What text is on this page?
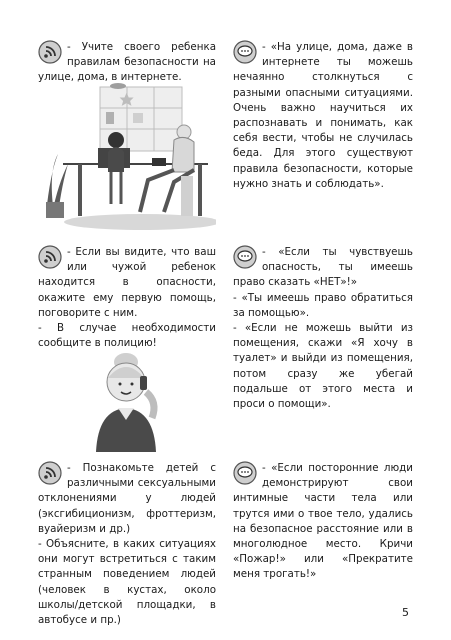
- Учите своего ребенка правилам безопасности на улице, дома, в интернете.

- «На улице, дома, даже в интернете ты можешь нечаянно столкнуться с разными опасными ситуациями. Очень важно научиться их распознавать и понимать, как себя вести, чтобы не случилась беда. Для этого существуют правила безопасности, которые нужно знать и соблюдать».

- Если вы видите, что ваш или чужой ребенок находится в опасности, окажите ему первую помощь, поговорите с ним.

- В случае необходимости сообщите в полицию!

- «Если ты чувствуешь опасность, ты имеешь право сказать «НЕТ»!»

- «Ты имеешь право обратиться за помощью».

- «Если не можешь выйти из помещения, скажи «Я хочу в туалет» и выйди из помещения, потом сразу же убегай подальше от этого места и проси о помощи».

- Познакомьте детей с различными сексуальными отклонениями у людей (эксгибиционизм, фроттеризм, вуайеризм и др.)

- Объясните, в каких ситуациях они могут встретиться с таким странным поведением людей (человек в кустах, около школы/детской площадки, в автобусе и пр.)

- «Если посторонние люди демонстрируют свои интимные части тела или трутся ими о твое тело, удались на безопасное расстояние или в многолюдное место. Кричи «Пожар!» или «Прекратите меня трогать!»

5
